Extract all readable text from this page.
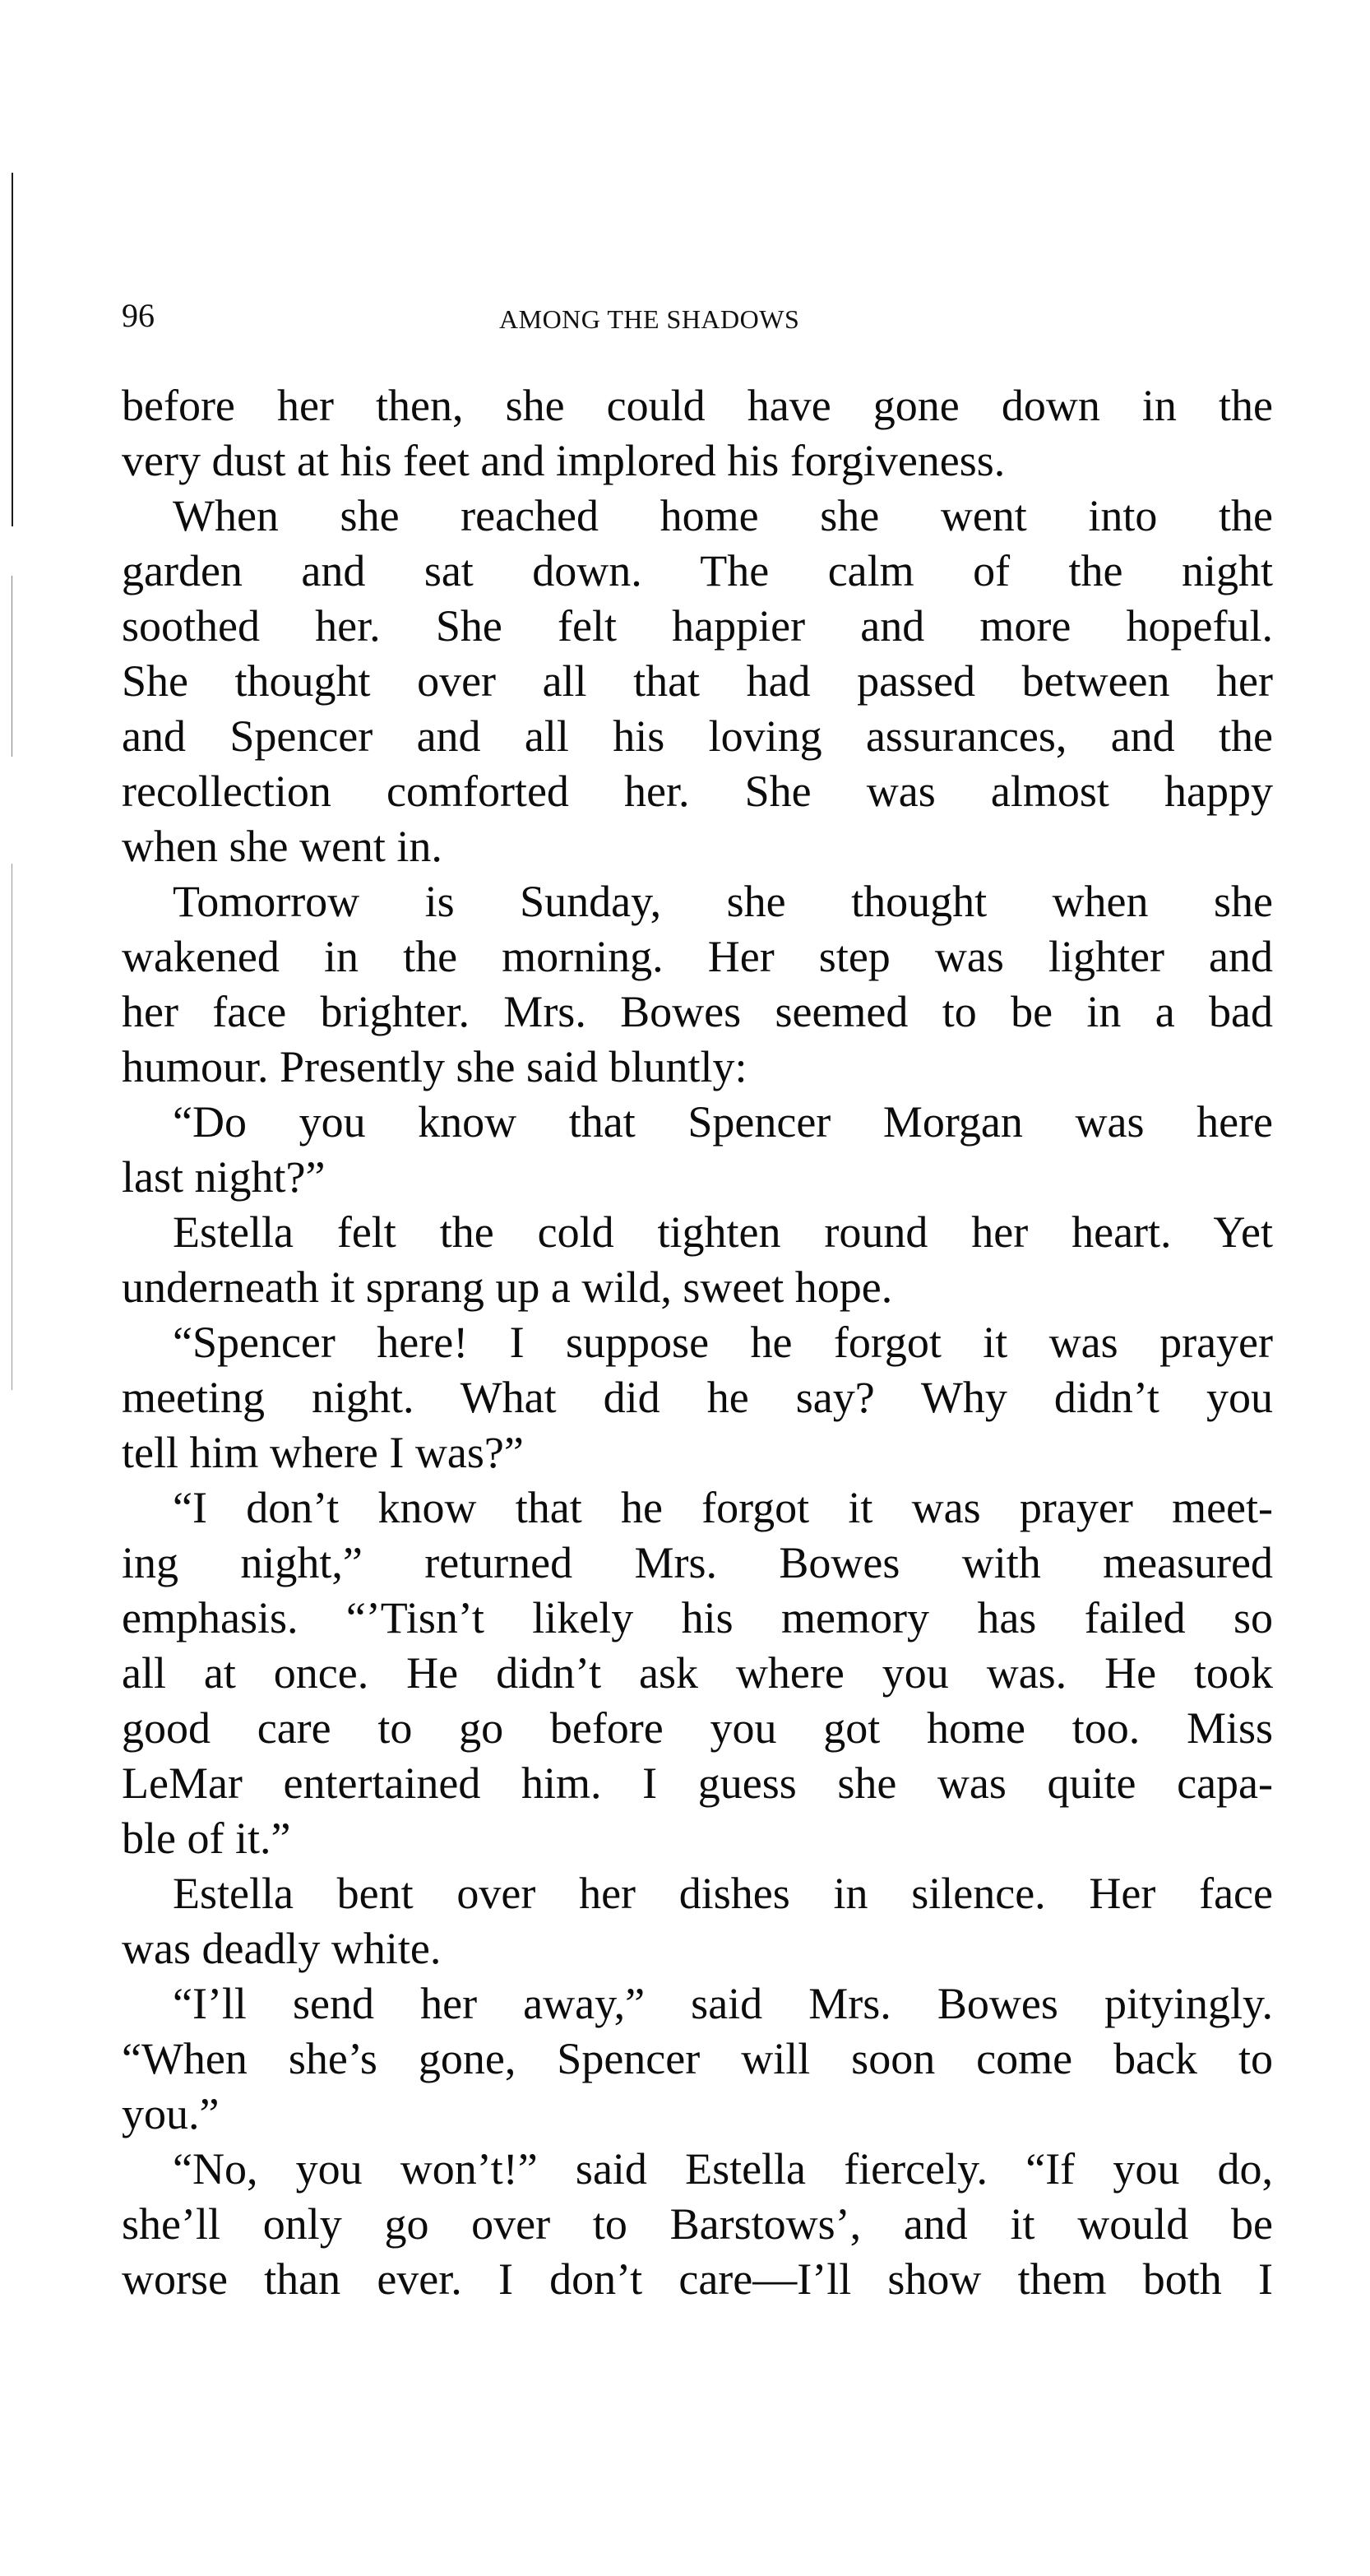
96	AMONG THE SHADOWS

before her then, she could have gone down in the

very dust at his feet and implored his forgiveness.

When she reached home she went into the

garden and sat down. The calm of the night

soothed her. She felt happier and more hopeful.

She thought over all that had passed between her

and Spencer and all his loving assurances, and the

recollection comforted her. She was almost happy

when she went in.

Tomorrow is Sunday, she thought when she

wakened in the morning. Her step was lighter and

her face brighter. Mrs. Bowes seemed to be in a bad

humour. Presently she said bluntly:

“Do you know that Spencer Morgan was here

last night?”

Estella felt the cold tighten round her heart. Yet

underneath it sprang up a wild, sweet hope.

“Spencer here! I suppose he forgot it was prayer

meeting night. What did he say? Why didn’t you

tell him where I was?”

“I don’t know that he forgot it was prayer meet-

ing night,” returned Mrs. Bowes with measured

emphasis. “’Tisn’t likely his memory has failed so

all at once. He didn’t ask where you was. He took

good care to go before you got home too. Miss

LeMar entertained him. I guess she was quite capa-

ble of it.”

Estella bent over her dishes in silence. Her face

was deadly white.

“I’ll send her away,” said Mrs. Bowes pityingly.

“When she’s gone, Spencer will soon come back to

you.”

“No, you won’t!” said Estella fiercely. “If you do,

she’ll only go over to Barstows’, and it would be

worse than ever. I don’t care—I’ll show them both I
